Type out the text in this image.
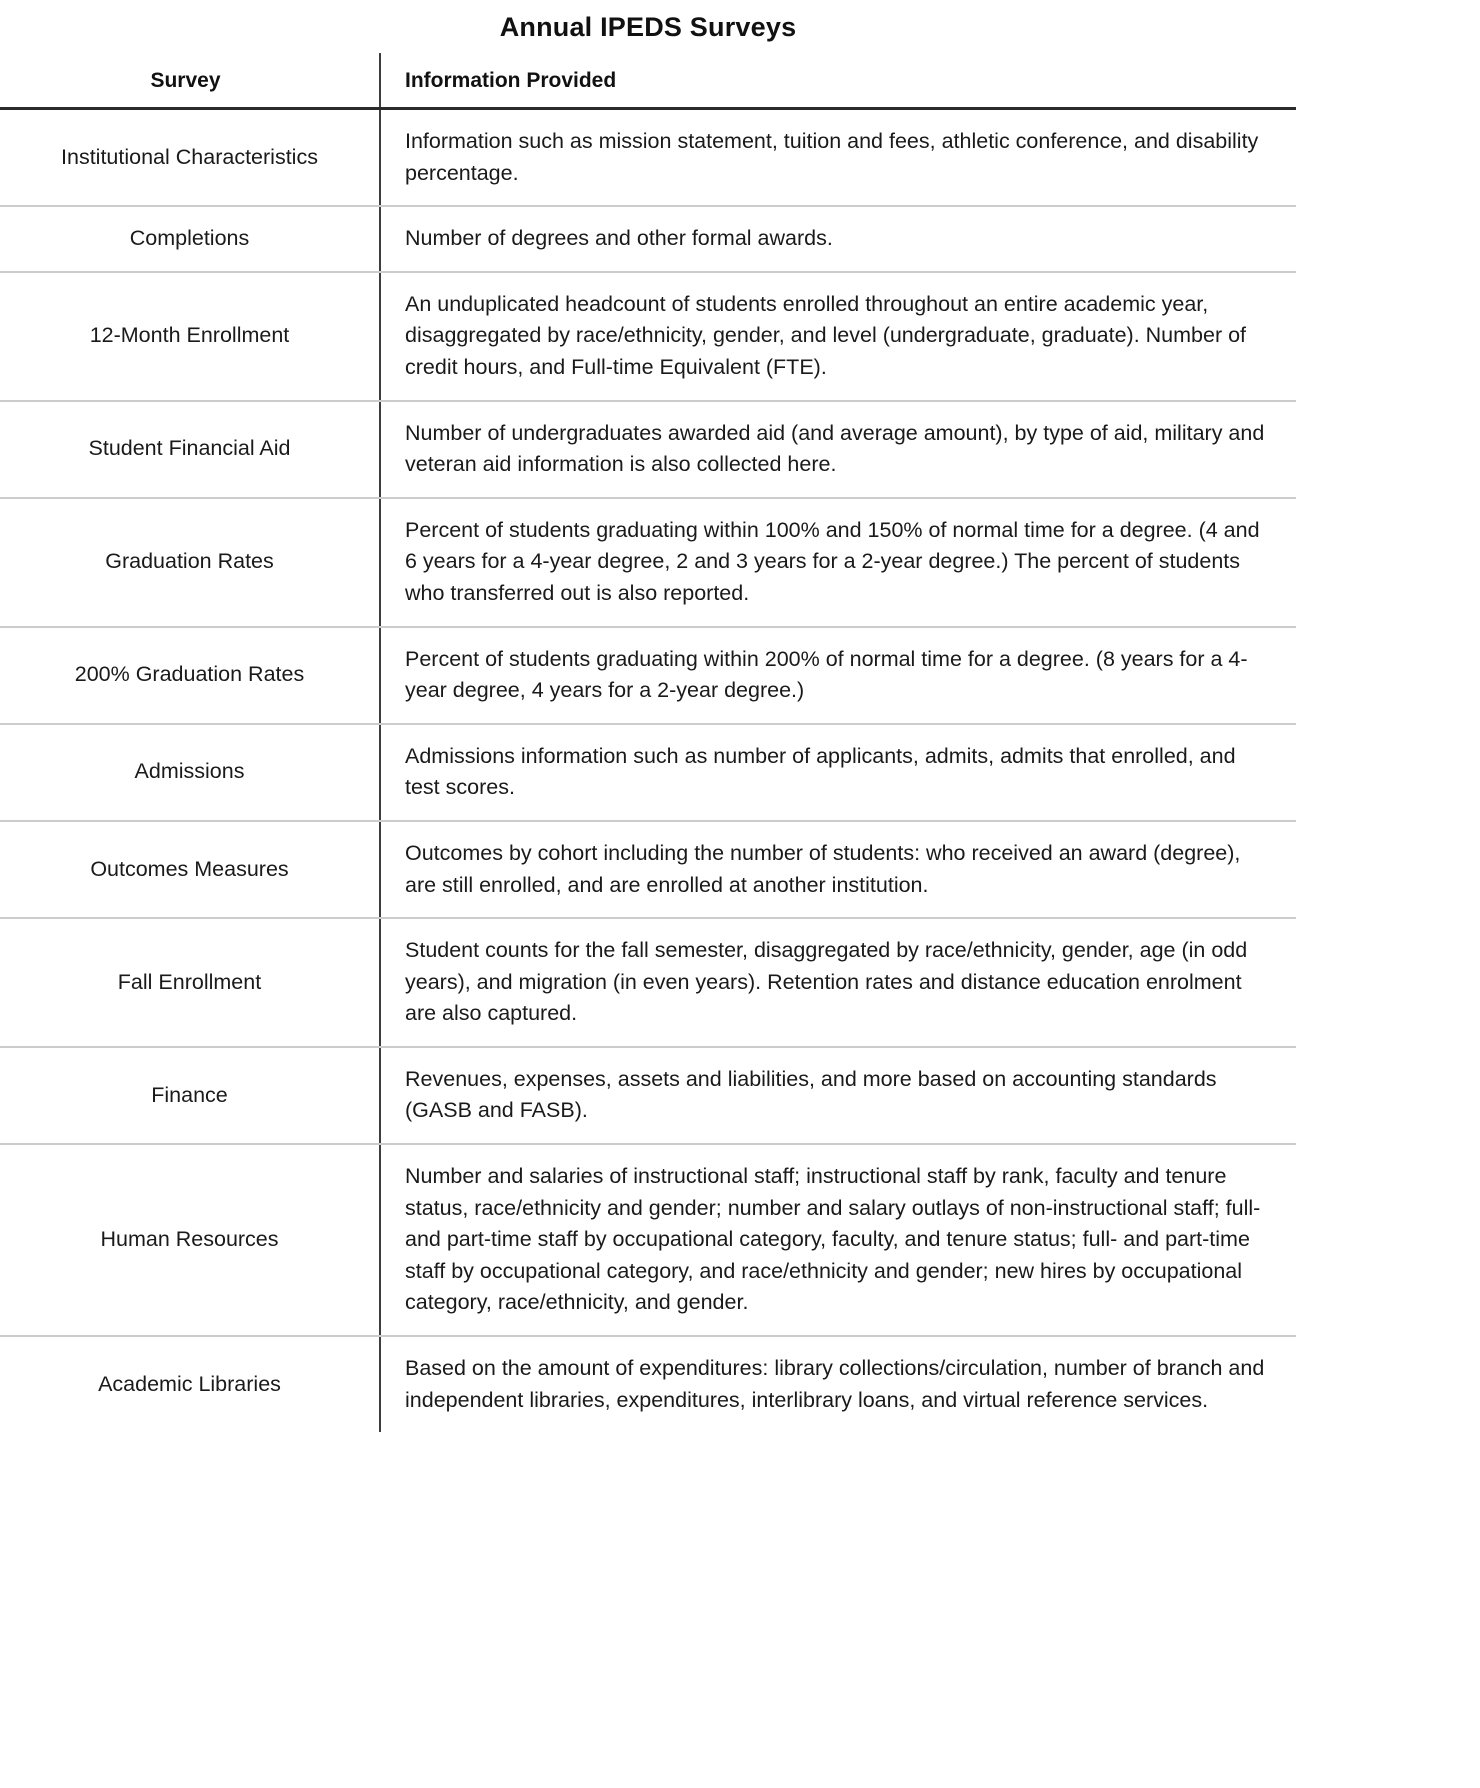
Annual IPEDS Surveys
Survey	Information Provided
Institutional Characteristics	Information such as mission statement, tuition and fees, athletic conference, and disability percentage.
Completions	Number of degrees and other formal awards.
12-Month Enrollment	An unduplicated headcount of students enrolled throughout an entire academic year, disaggregated by race/ethnicity, gender, and level (undergraduate, graduate). Number of credit hours, and Full-time Equivalent (FTE).
Student Financial Aid	Number of undergraduates awarded aid (and average amount), by type of aid, military and veteran aid information is also collected here.
Graduation Rates	Percent of students graduating within 100% and 150% of normal time for a degree. (4 and 6 years for a 4-year degree, 2 and 3 years for a 2-year degree.) The percent of students who transferred out is also reported.
200% Graduation Rates	Percent of students graduating within 200% of normal time for a degree. (8 years for a 4-year degree, 4 years for a 2-year degree.)
Admissions	Admissions information such as number of applicants, admits, admits that enrolled, and test scores.
Outcomes Measures	Outcomes by cohort including the number of students: who received an award (degree), are still enrolled, and are enrolled at another institution.
Fall Enrollment	Student counts for the fall semester, disaggregated by race/ethnicity, gender, age (in odd years), and migration (in even years). Retention rates and distance education enrolment are also captured.
Finance	Revenues, expenses, assets and liabilities, and more based on accounting standards (GASB and FASB).
Human Resources	Number and salaries of instructional staff; instructional staff by rank, faculty and tenure status, race/ethnicity and gender; number and salary outlays of non-instructional staff; full- and part-time staff by occupational category, faculty, and tenure status; full- and part-time staff by occupational category, and race/ethnicity and gender; new hires by occupational category, race/ethnicity, and gender.
Academic Libraries	Based on the amount of expenditures: library collections/circulation, number of branch and independent libraries, expenditures, interlibrary loans, and virtual reference services.
